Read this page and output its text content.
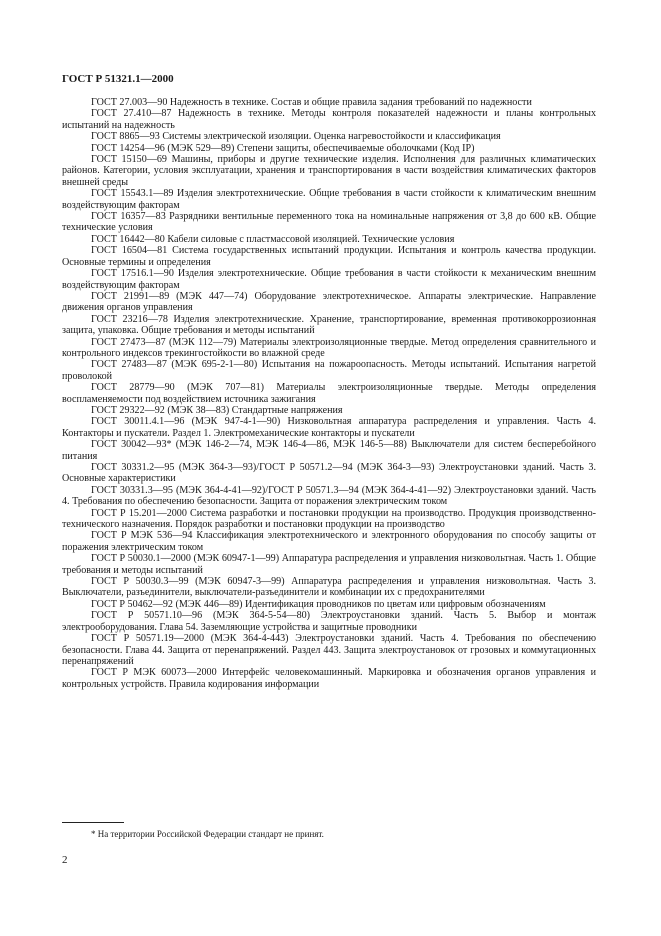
ГОСТ Р 51321.1—2000

ГОСТ 27.003—90 Надежность в технике. Состав и общие правила задания требований по надежности

ГОСТ 27.410—87 Надежность в технике. Методы контроля показателей надежности и планы контрольных испытаний на надежность

ГОСТ 8865—93 Системы электрической изоляции. Оценка нагревостойкости и классификация

ГОСТ 14254—96 (МЭК 529—89) Степени защиты, обеспечиваемые оболочками (Код IP)

ГОСТ 15150—69 Машины, приборы и другие технические изделия. Исполнения для различных климатических районов. Категории, условия эксплуатации, хранения и транспортирования в части воздействия климатических факторов внешней среды

ГОСТ 15543.1—89 Изделия электротехнические. Общие требования в части стойкости к климатическим внешним воздействующим факторам

ГОСТ 16357—83 Разрядники вентильные переменного тока на номинальные напряжения от 3,8 до 600 кВ. Общие технические условия

ГОСТ 16442—80 Кабели силовые с пластмассовой изоляцией. Технические условия

ГОСТ 16504—81 Система государственных испытаний продукции. Испытания и контроль качества продукции. Основные термины и определения

ГОСТ 17516.1—90 Изделия электротехнические. Общие требования в части стойкости к механическим внешним воздействующим факторам

ГОСТ 21991—89 (МЭК 447—74) Оборудование электротехническое. Аппараты электрические. Направление движения органов управления

ГОСТ 23216—78 Изделия электротехнические. Хранение, транспортирование, временная противокоррозионная защита, упаковка. Общие требования и методы испытаний

ГОСТ 27473—87 (МЭК 112—79) Материалы электроизоляционные твердые. Метод определения сравнительного и контрольного индексов трекингостойкости во влажной среде

ГОСТ 27483—87 (МЭК 695-2-1—80) Испытания на пожароопасность. Методы испытаний. Испытания нагретой проволокой

ГОСТ 28779—90 (МЭК 707—81) Материалы электроизоляционные твердые. Методы определения воспламеняемости под воздействием источника зажигания

ГОСТ 29322—92 (МЭК 38—83) Стандартные напряжения

ГОСТ 30011.4.1—96 (МЭК 947-4-1—90) Низковольтная аппаратура распределения и управления. Часть 4. Контакторы и пускатели. Раздел 1. Электромеханические контакторы и пускатели

ГОСТ 30042—93* (МЭК 146-2—74, МЭК 146-4—86, МЭК 146-5—88) Выключатели для систем бесперебойного питания

ГОСТ 30331.2—95 (МЭК 364-3—93)/ГОСТ Р 50571.2—94 (МЭК 364-3—93) Электроустановки зданий. Часть 3. Основные характеристики

ГОСТ 30331.3—95 (МЭК 364-4-41—92)/ГОСТ Р 50571.3—94 (МЭК 364-4-41—92) Электроустановки зданий. Часть 4. Требования по обеспечению безопасности. Защита от поражения электрическим током

ГОСТ Р 15.201—2000 Система разработки и постановки продукции на производство. Продукция производственно-технического назначения. Порядок разработки и постановки продукции на производство

ГОСТ Р МЭК 536—94 Классификация электротехнического и электронного оборудования по способу защиты от поражения электрическим током

ГОСТ Р 50030.1—2000 (МЭК 60947-1—99) Аппаратура распределения и управления низковольтная. Часть 1. Общие требования и методы испытаний

ГОСТ Р 50030.3—99 (МЭК 60947-3—99) Аппаратура распределения и управления низковольтная. Часть 3. Выключатели, разъединители, выключатели-разъединители и комбинации их с предохранителями

ГОСТ Р 50462—92 (МЭК 446—89) Идентификация проводников по цветам или цифровым обозначениям

ГОСТ Р 50571.10—96 (МЭК 364-5-54—80) Электроустановки зданий. Часть 5. Выбор и монтаж электрооборудования. Глава 54. Заземляющие устройства и защитные проводники

ГОСТ Р 50571.19—2000 (МЭК 364-4-443) Электроустановки зданий. Часть 4. Требования по обеспечению безопасности. Глава 44. Защита от перенапряжений. Раздел 443. Защита электроустановок от грозовых и коммутационных перенапряжений

ГОСТ Р МЭК 60073—2000 Интерфейс человекомашинный. Маркировка и обозначения органов управления и контрольных устройств. Правила кодирования информации

* На территории Российской Федерации стандарт не принят.
2
